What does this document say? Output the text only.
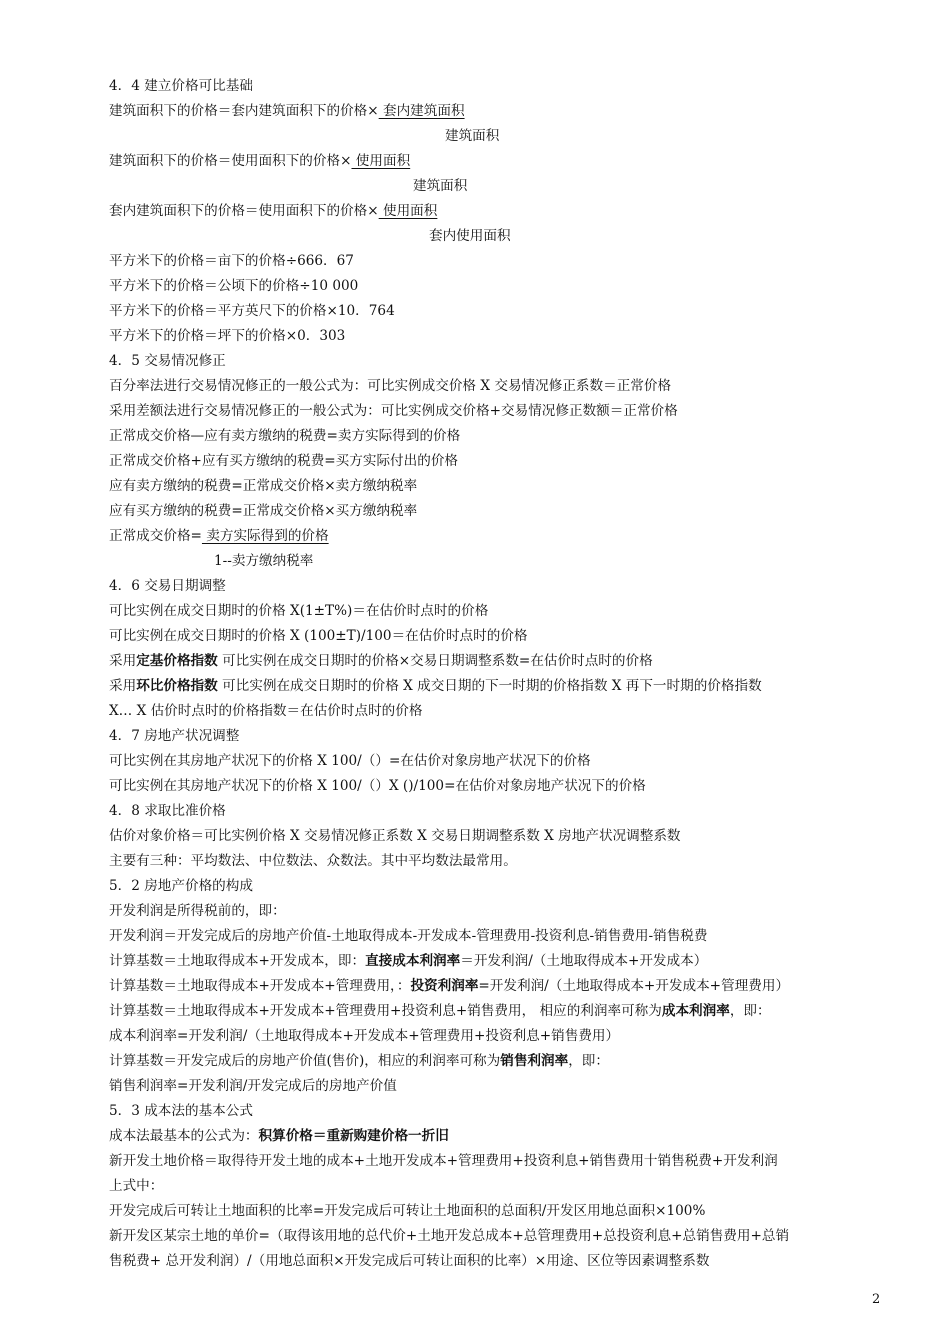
4．4 建立价格可比基础
建筑面积下的价格＝套内建筑面积下的价格× 套内建筑面积
建筑面积
建筑面积下的价格＝使用面积下的价格× 使用面积
建筑面积
套内建筑面积下的价格＝使用面积下的价格× 使用面积
套内使用面积
平方米下的价格＝亩下的价格÷666．67
平方米下的价格＝公顷下的价格÷10 000
平方米下的价格＝平方英尺下的价格×10．764
平方米下的价格＝坪下的价格×0．303
4．5 交易情况修正
百分率法进行交易情况修正的一般公式为：可比实例成交价格 X 交易情况修正系数＝正常价格
采用差额法进行交易情况修正的一般公式为：可比实例成交价格+交易情况修正数额＝正常价格
正常成交价格—应有卖方缴纳的税费=卖方实际得到的价格
正常成交价格+应有买方缴纳的税费=买方实际付出的价格
应有卖方缴纳的税费=正常成交价格×卖方缴纳税率
应有买方缴纳的税费=正常成交价格×买方缴纳税率
正常成交价格= 卖方实际得到的价格
1--卖方缴纳税率
4．6 交易日期调整
可比实例在成交日期时的价格 X(1±T%)＝在估价时点时的价格
可比实例在成交日期时的价格 X (100±T)/100＝在估价时点时的价格
采用定基价格指数 可比实例在成交日期时的价格×交易日期调整系数=在估价时点时的价格
采用环比价格指数 可比实例在成交日期时的价格 X 成交日期的下一时期的价格指数 X 再下一时期的价格指数
X… X 估价时点时的价格指数＝在估价时点时的价格
4．7 房地产状况调整
可比实例在其房地产状况下的价格 X 100/（）=在估价对象房地产状况下的价格
可比实例在其房地产状况下的价格 X 100/（）X ()/100=在估价对象房地产状况下的价格
4．8 求取比准价格
估价对象价格＝可比实例价格 X 交易情况修正系数 X 交易日期调整系数 X 房地产状况调整系数
主要有三种：平均数法、中位数法、众数法。其中平均数法最常用。
5．2 房地产价格的构成
开发利润是所得税前的，即：
开发利润＝开发完成后的房地产价值-土地取得成本-开发成本-管理费用-投资利息-销售费用-销售税费
计算基数＝土地取得成本+开发成本，即：直接成本利润率＝开发利润/（土地取得成本+开发成本）
计算基数＝土地取得成本+开发成本+管理费用，：投资利润率=开发利润/（土地取得成本+开发成本+管理费用）
计算基数＝土地取得成本+开发成本+管理费用+投资利息+销售费用， 相应的利润率可称为成本利润率，即：
成本利润率=开发利润/（土地取得成本+开发成本+管理费用+投资利息+销售费用）
计算基数＝开发完成后的房地产价值(售价)，相应的利润率可称为销售利润率，即：
销售利润率=开发利润/开发完成后的房地产价值
5．3 成本法的基本公式
成本法最基本的公式为：积算价格＝重新购建价格一折旧
新开发土地价格＝取得待开发土地的成本+土地开发成本+管理费用+投资利息+销售费用十销售税费+开发利润
上式中：
开发完成后可转让土地面积的比率=开发完成后可转让土地面积的总面积/开发区用地总面积×100%
新开发区某宗土地的单价=（取得该用地的总代价+土地开发总成本+总管理费用+总投资利息+总销售费用+总销
售税费+ 总开发利润）/（用地总面积×开发完成后可转让面积的比率）×用途、区位等因素调整系数
2
